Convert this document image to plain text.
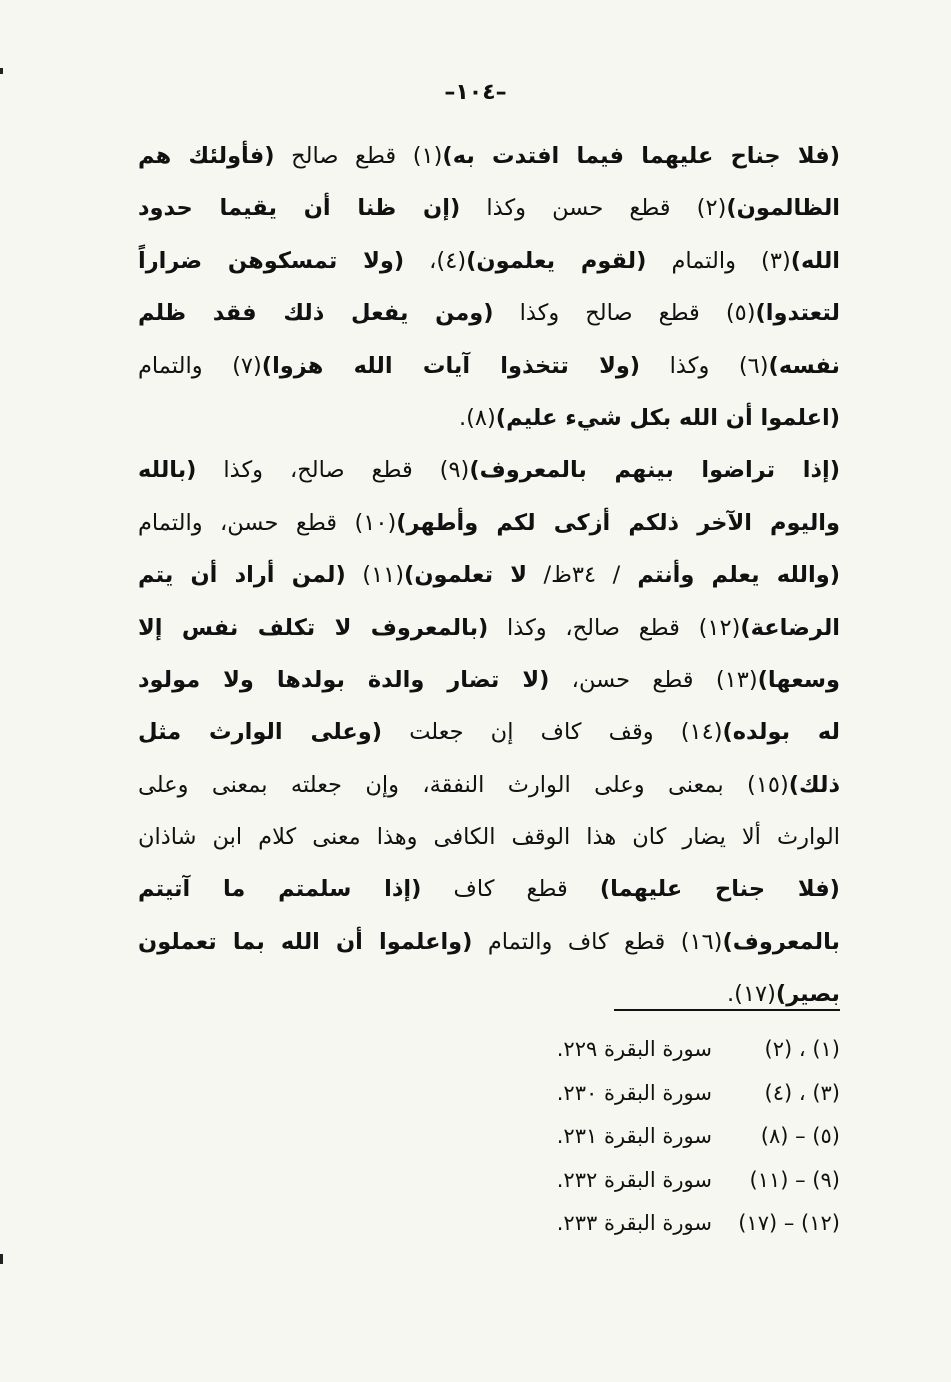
–١٠٤–
(فلا جناح عليهما فيما افتدت به)(١) قطع صالح (فأولئك هم
الظالمون)(٢) قطع حسن وكذا (إن ظنا أن يقيما حدود
الله)(٣) والتمام (لقوم يعلمون)(٤)، (ولا تمسكوهن ضراراً
لتعتدوا)(٥) قطع صالح وكذا (ومن يفعل ذلك فقد ظلم
نفسه)(٦) وكذا (ولا تتخذوا آيات الله هزوا)(٧) والتمام
(اعلموا أن الله بكل شيء عليم)(٨).
(إذا تراضوا بينهم بالمعروف)(٩) قطع صالح، وكذا (بالله
واليوم الآخر ذلكم أزكى لكم وأطهر)(١٠) قطع حسن، والتمام
(والله يعلم وأنتم / ٣٤ظ/ لا تعلمون)(١١) (لمن أراد أن يتم
الرضاعة)(١٢) قطع صالح، وكذا (بالمعروف لا تكلف نفس إلا
وسعها)(١٣) قطع حسن، (لا تضار والدة بولدها ولا مولود
له بولده)(١٤) وقف كاف إن جعلت (وعلى الوارث مثل
ذلك)(١٥) بمعنى وعلى الوارث النفقة، وإن جعلته بمعنى وعلى
الوارث ألا يضار كان هذا الوقف الكافى وهذا معنى كلام ابن شاذان
(فلا جناح عليهما) قطع كاف (إذا سلمتم ما آتيتم
بالمعروف)(١٦) قطع كاف والتمام (واعلموا أن الله بما تعملون
بصير)(١٧).
(١) ، (٢)سورة البقرة ٢٢٩.
(٣) ، (٤)سورة البقرة ٢٣٠.
(٥) – (٨)سورة البقرة ٢٣١.
(٩) – (١١)سورة البقرة ٢٣٢.
(١٢) – (١٧)سورة البقرة ٢٣٣.
